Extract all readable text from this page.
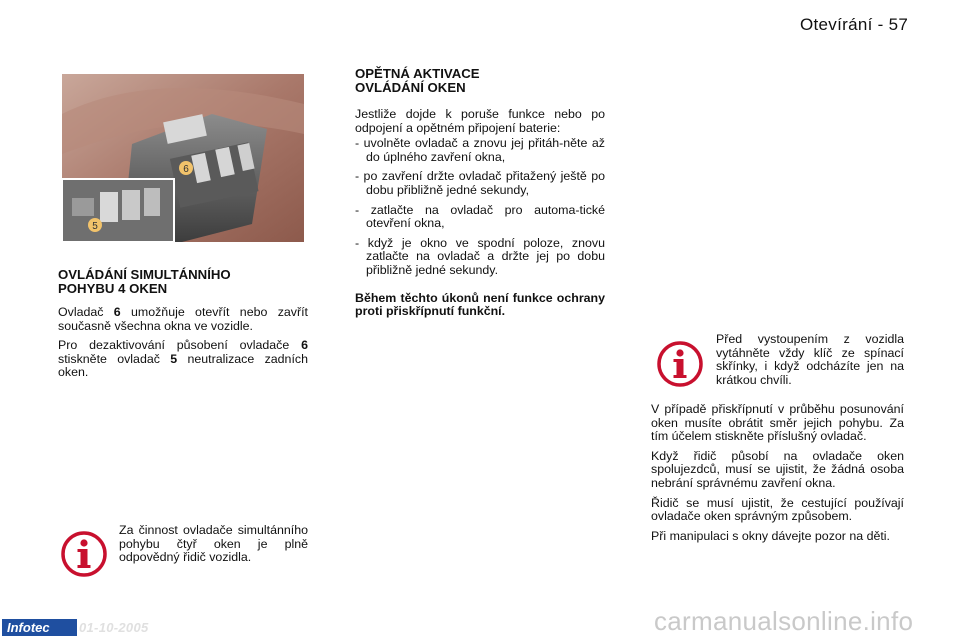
Otevírání - 57
6
5
OVLÁDÁNÍ SIMULTÁNNÍHO
POHYBU 4 OKEN

Ovladač 6 umožňuje otevřít nebo zavřít současně všechna okna ve vozidle.

Pro dezaktivování působení ovladače 6 stiskněte ovladač 5 neutralizace zadních oken.

Za činnost ovladače simultánního pohybu čtyř oken je plně odpovědný řidič vozidla.
OPĚTNÁ AKTIVACE
OVLÁDÁNÍ OKEN

Jestliže dojde k poruše funkce nebo po odpojení a opětném připojení baterie:

- uvolněte ovladač a znovu jej přitáh-něte až do úplného zavření okna,

- po zavření držte ovladač přitažený ještě po dobu přibližně jedné sekundy,

- zatlačte na ovladač pro automa-tické otevření okna,

- když je okno ve spodní poloze, znovu zatlačte na ovladač a držte jej po dobu přibližně jedné sekundy.

Během těchto úkonů není funkce ochrany proti přiskřípnutí funkční.

Před vystoupením z vozidla vytáhněte vždy klíč ze spínací skřínky, i když odcházíte jen na krátkou chvíli.

V případě přiskřípnutí v průběhu posunování oken musíte obrátit směr jejich pohybu. Za tím účelem stiskněte příslušný ovladač.

Když řidič působí na ovladače oken spolujezdců, musí se ujistit, že žádná osoba nebrání správnému zavření okna.

Řidič se musí ujistit, že cestující používají ovladače oken správným způsobem.

Při manipulaci s okny dávejte pozor na děti.

Infotec 01-10-2005	carmanualsonline.info
